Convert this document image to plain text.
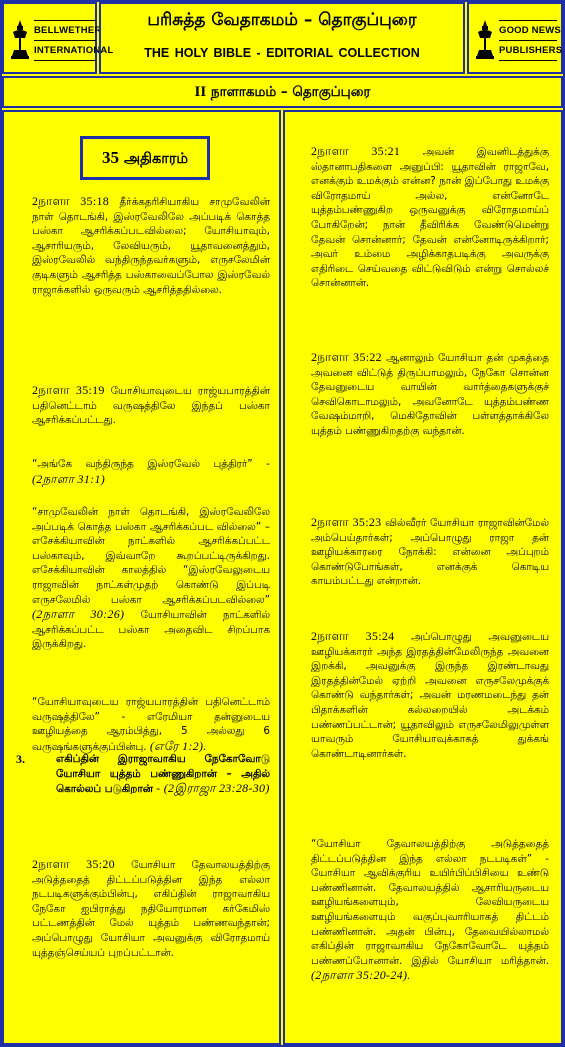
BELLWETHER
INTERNATIONAL
பரிசுத்த வேதாகமம் – தொகுப்புரை
THE HOLY BIBLE - EDITORIAL COLLECTION
GOOD NEWS
PUBLISHERS
II நாளாகமம் – தொகுப்புரை
35 அதிகாரம்
2நாளா 35:18 தீர்க்கதரிசியாகிய சாமுவேலின் நாள் தொடங்கி, இஸ்ரவேலிலே அப்படிக் கொத்த பஸ்கா ஆசரிக்கப்படவில்லை; யோசியாவும், ஆசாரியரும், லேவியரும், யூதாவனைத்தும், இஸ்ரவேலில் வந்திருந்தவர்களும், எருசலேமின் குடிகளும் ஆசரித்த பஸ்காவைப்போல இஸ்ரவேல் ராஜாக்களில் ஒருவரும் ஆசரித்ததில்லை.
2நாளா 35:19 யோசியாவுடைய ராஜ்யபாரத்தின் பதினெட்டாம் வருஷத்திலே இந்தப் பஸ்கா ஆசரிக்கப்பட்டது.
“அங்கே வந்திருந்த இஸ்ரவேல் புத்திரர்” - (2நாளா 31:1)
“சாமுவேலின் நாள் தொடங்கி, இஸ்ரவேலிலே அப்படிக் கொத்த பஸ்கா ஆசரிக்கப்பட வில்லை” – எசேக்கியாவின் நாட்களில் ஆசரிக்கப்பட்ட பஸ்காவும், இவ்வாறே கூறப்பட்டிருக்கிறது. எசேக்கியாவின் காலத்தில் “இஸ்ரவேலுடைய ராஜாவின் நாட்கள்முதற் கொண்டு இப்படி எருசலேமில் பஸ்கா ஆசரிக்கப்படவில்லை” (2நாளா 30:26) யோசியாவின் நாட்களில் ஆசரிக்கப்பட்ட பஸ்கா அதைவிட சிறப்பாக இருக்கிறது.
“யோசியாவுடைய ராஜ்யபாரத்தின் பதினெட்டாம் வருஷத்திலே” - எரேமியா தன்னுடைய ஊழியத்தை ஆரம்பித்து, 5 அல்லது 6 வருஷங்களுக்குப்பின்பு. (எரே 1:2).
3.	எகிப்தின் இராஜாவாகிய நேகோவோடு யோசியா யுத்தம் பண்ணுகிறான் – அதில் கொல்லப் படுகிறான் - (2இராஜா 23:28-30)
2நாளா 35:20 யோசியா தேவாலயத்திற்கு அடுத்ததைத் திட்டப்படுத்தின இந்த எல்லா நடபடிகளுக்கும்பின்பு, எகிப்தின் ராஜாவாகிய நேகோ ஐபிராத்து நதியோரமான கர்கேமிஸ் பட்டணத்தின் மேல் யுத்தம் பண்ணவந்தான்; அப்பொழுது யோசியா அவனுக்கு விரோதமாய் யுத்தஞ்செய்யப் புறப்பட்டான்.
2நாளா 35:21 அவன் இவனிடத்துக்கு ஸ்தானாபதிகளை அனுப்பி: யூதாவின் ராஜாவே, எனக்கும் உமக்கும் என்ன? நான் இப்போது உமக்கு விரோதமாய் அல்ல, என்னோடே யுத்தம்பண்ணுகிற ஒருவனுக்கு விரோதமாய்ப் போகிறேன்; நான் தீவிரிக்க வேண்டுமென்று தேவன் சொன்னார்; தேவன் என்னோடிருக்கிறார்; அவர் உம்மை அழிக்காதபடிக்கு அவருக்கு எதிரிடை செய்வதை விட்டுவிடும் என்று சொல்லச் சொன்னான்.
2நாளா 35:22 ஆனாலும் யோசியா தன் முகத்தை அவனை விட்டுத் திருப்பாமலும், நேகோ சொன்ன தேவனுடைய வாயின் வார்த்தைகளுக்குச் செவிகொடாமலும், அவனோடே யுத்தம்பண்ண வேஷம்மாறி, மெகிதோவின் பள்ளத்தாக்கிலே யுத்தம் பண்ணுகிறதற்கு வந்தான்.
2நாளா 35:23 வில்வீரர் யோசியா ராஜாவின்மேல் அம்பெய்தார்கள்; அப்பொழுது ராஜா தன் ஊழியக்காரரை நோக்கி: என்னை அப்புறம் கொண்டுபோங்கள், எனக்குக் கொடிய காயம்பட்டது என்றான்.
2நாளா 35:24 அப்பொழுது அவனுடைய ஊழியக்காரர் அந்த இரதத்தின்மேலிருந்த அவனை இறக்கி, அவனுக்கு இருந்த இரண்டாவது இரதத்தின்மேல் ஏற்றி அவனை எருசலேமுக்குக் கொண்டு வந்தார்கள்; அவன் மரணமடைந்து தன் பிதாக்களின் கல்லறையில் அடக்கம் பண்ணப்பட்டான்; யூதாவிலும் எருசலேமிலுமுள்ள யாவரும் யோசியாவுக்காகத் துக்கங் கொண்டாடினார்கள்.
“யோசியா தேவாலயத்திற்கு அடுத்ததைத் திட்டப்படுத்தின இந்த எல்லா நடபடிகள்” - யோசியா ஆவிக்குரிய உயிர்பிப்பிசியை உண்டு பண்ணினான். தேவாலயத்தில் ஆசாரியருடைய ஊழியங்களையும், லேவியருடைய ஊழியங்களையும் வகுப்புவாரியாகத் திட்டம் பண்ணினான். அதன் பின்பு, தேவையில்லாமல் எகிப்தின் ராஜாவாகிய நேகோவோடே யுத்தம் பண்ணப்போனான். இதில் யோசியா மரித்தான். (2நாளா 35:20-24).
